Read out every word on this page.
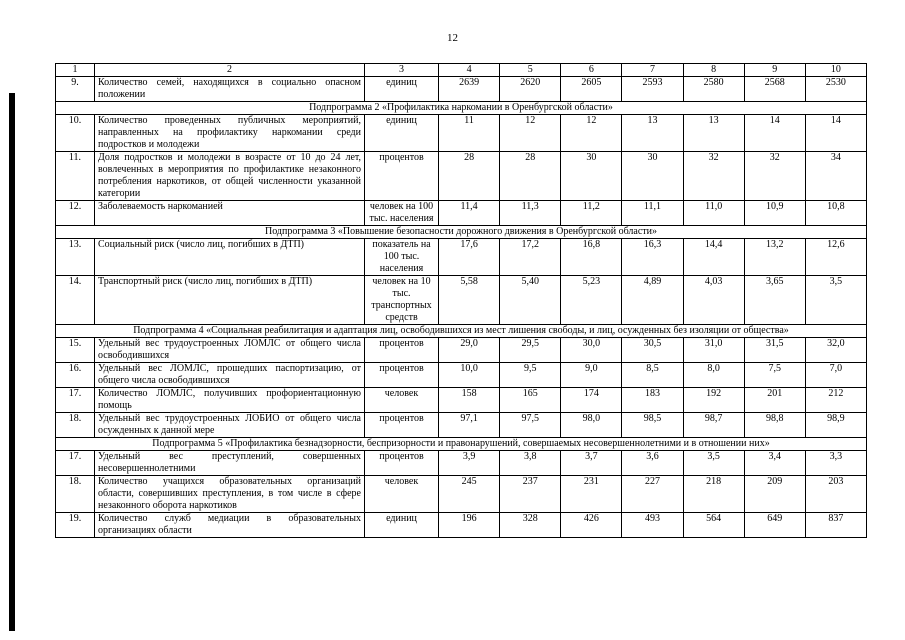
12
1	2	3	4	5	6	7	8	9	10
9.	Количество семей, находящихся в социально опасном положении	единиц	2639	2620	2605	2593	2580	2568	2530
Подпрограмма 2 «Профилактика наркомании в Оренбургской области»									
10.	Количество проведенных публичных мероприятий, направленных на профилактику наркомании среди подростков и молодежи	единиц	11	12	12	13	13	14	14
11.	Доля подростков и молодежи в возрасте от 10 до 24 лет, вовлеченных в мероприятия по профилактике незаконного потребления наркотиков, от общей численности указанной категории	процентов	28	28	30	30	32	32	34
12.	Заболеваемость наркоманией	человек на 100 тыс. населения	11,4	11,3	11,2	11,1	11,0	10,9	10,8
Подпрограмма 3 «Повышение безопасности дорожного движения в Оренбургской области»									
13.	Социальный риск (число лиц, погибших в ДТП)	показатель на 100 тыс. населения	17,6	17,2	16,8	16,3	14,4	13,2	12,6
14.	Транспортный риск (число лиц, погибших в ДТП)	человек на 10 тыс. транспортных средств	5,58	5,40	5,23	4,89	4,03	3,65	3,5
Подпрограмма 4 «Социальная реабилитация и адаптация лиц, освободившихся из мест лишения свободы, и лиц, осужденных без изоляции от общества»									
15.	Удельный вес трудоустроенных ЛОМЛС от общего числа освободившихся	процентов	29,0	29,5	30,0	30,5	31,0	31,5	32,0
16.	Удельный вес ЛОМЛС, прошедших паспортизацию, от общего числа освободившихся	процентов	10,0	9,5	9,0	8,5	8,0	7,5	7,0
17.	Количество ЛОМЛС, получивших профориентационную помощь	человек	158	165	174	183	192	201	212
18.	Удельный вес трудоустроенных ЛОБИО от общего числа осужденных к данной мере	процентов	97,1	97,5	98,0	98,5	98,7	98,8	98,9
Подпрограмма 5 «Профилактика безнадзорности, беспризорности и правонарушений, совершаемых несовершеннолетними и в отношении них»									
17.	Удельный вес преступлений, совершенных несовершеннолетними	процентов	3,9	3,8	3,7	3,6	3,5	3,4	3,3
18.	Количество учащихся образовательных организаций области, совершивших преступления, в том числе в сфере незаконного оборота наркотиков	человек	245	237	231	227	218	209	203
19.	Количество служб медиации в образовательных организациях области	единиц	196	328	426	493	564	649	837
